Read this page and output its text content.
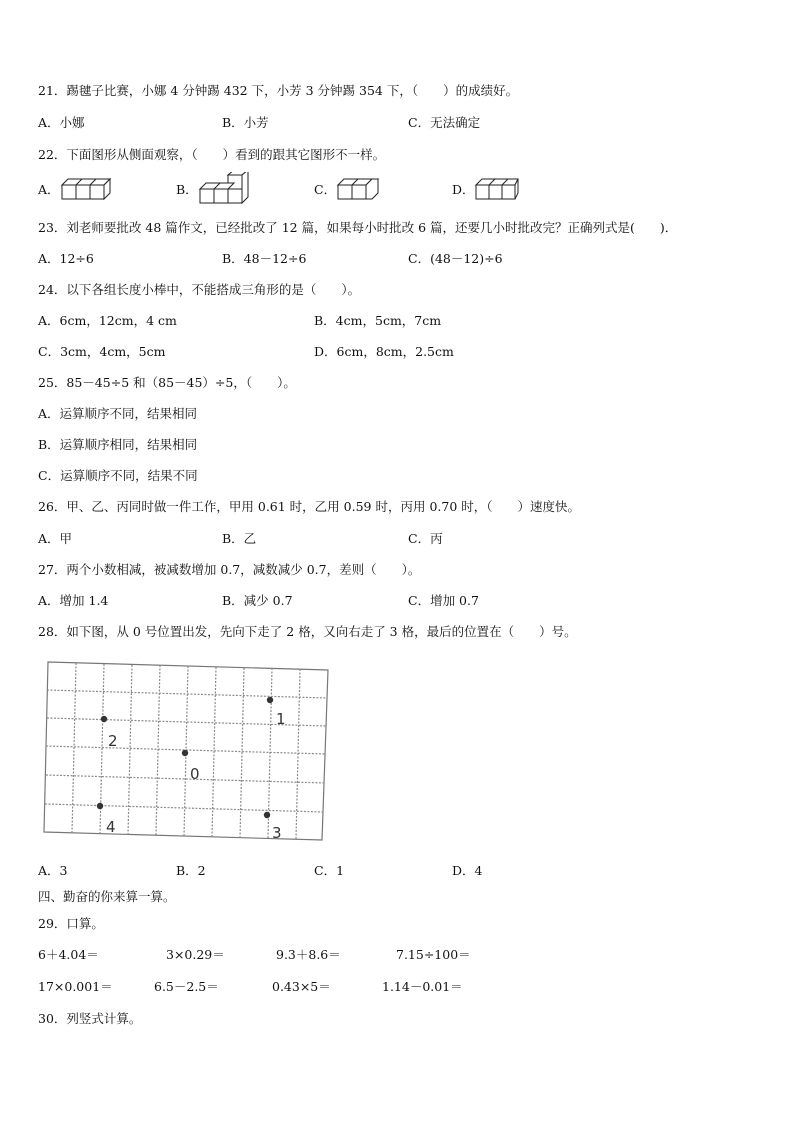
21．踢毽子比赛，小娜 4 分钟踢 432 下，小芳 3 分钟踢 354 下，（　　）的成绩好。
A．小娜	B．小芳	C．无法确定
22．下面图形从侧面观察，（　　）看到的跟其它图形不一样。
A．	B．	C．	D．
23．刘老师要批改 48 篇作文，已经批改了 12 篇，如果每小时批改 6 篇，还要几小时批改完？正确列式是(　　)．
A．12÷6	B．48－12÷6	C．(48－12)÷6
24．以下各组长度小棒中，不能搭成三角形的是（　　）。
A．6cm，12cm，4 cm	B．4cm，5cm，7cm
C．3cm，4cm，5cm	D．6cm，8cm，2.5cm
25．85－45÷5 和（85－45）÷5，（　　）。
A．运算顺序不同，结果相同
B．运算顺序相同，结果相同
C．运算顺序不同，结果不同
26．甲、乙、丙同时做一件工作，甲用 0.61 时，乙用 0.59 时，丙用 0.70 时，（　　）速度快。
A．甲	B．乙	C．丙
27．两个小数相减，被减数增加 0.7，减数减少 0.7，差则（　　）。
A．增加 1.4	B．减少 0.7	C．增加 0.7
28．如下图，从 0 号位置出发，先向下走了 2 格，又向右走了 3 格，最后的位置在（　　）号。
1
2
0
4	3
A．3	B．2	C．1	D．4
四、勤奋的你来算一算。
29．口算。
6＋4.04＝	3×0.29＝	9.3＋8.6＝	7.15÷100＝
17×0.001＝	6.5－2.5＝	0.43×5＝	1.14－0.01＝
30．列竖式计算。
